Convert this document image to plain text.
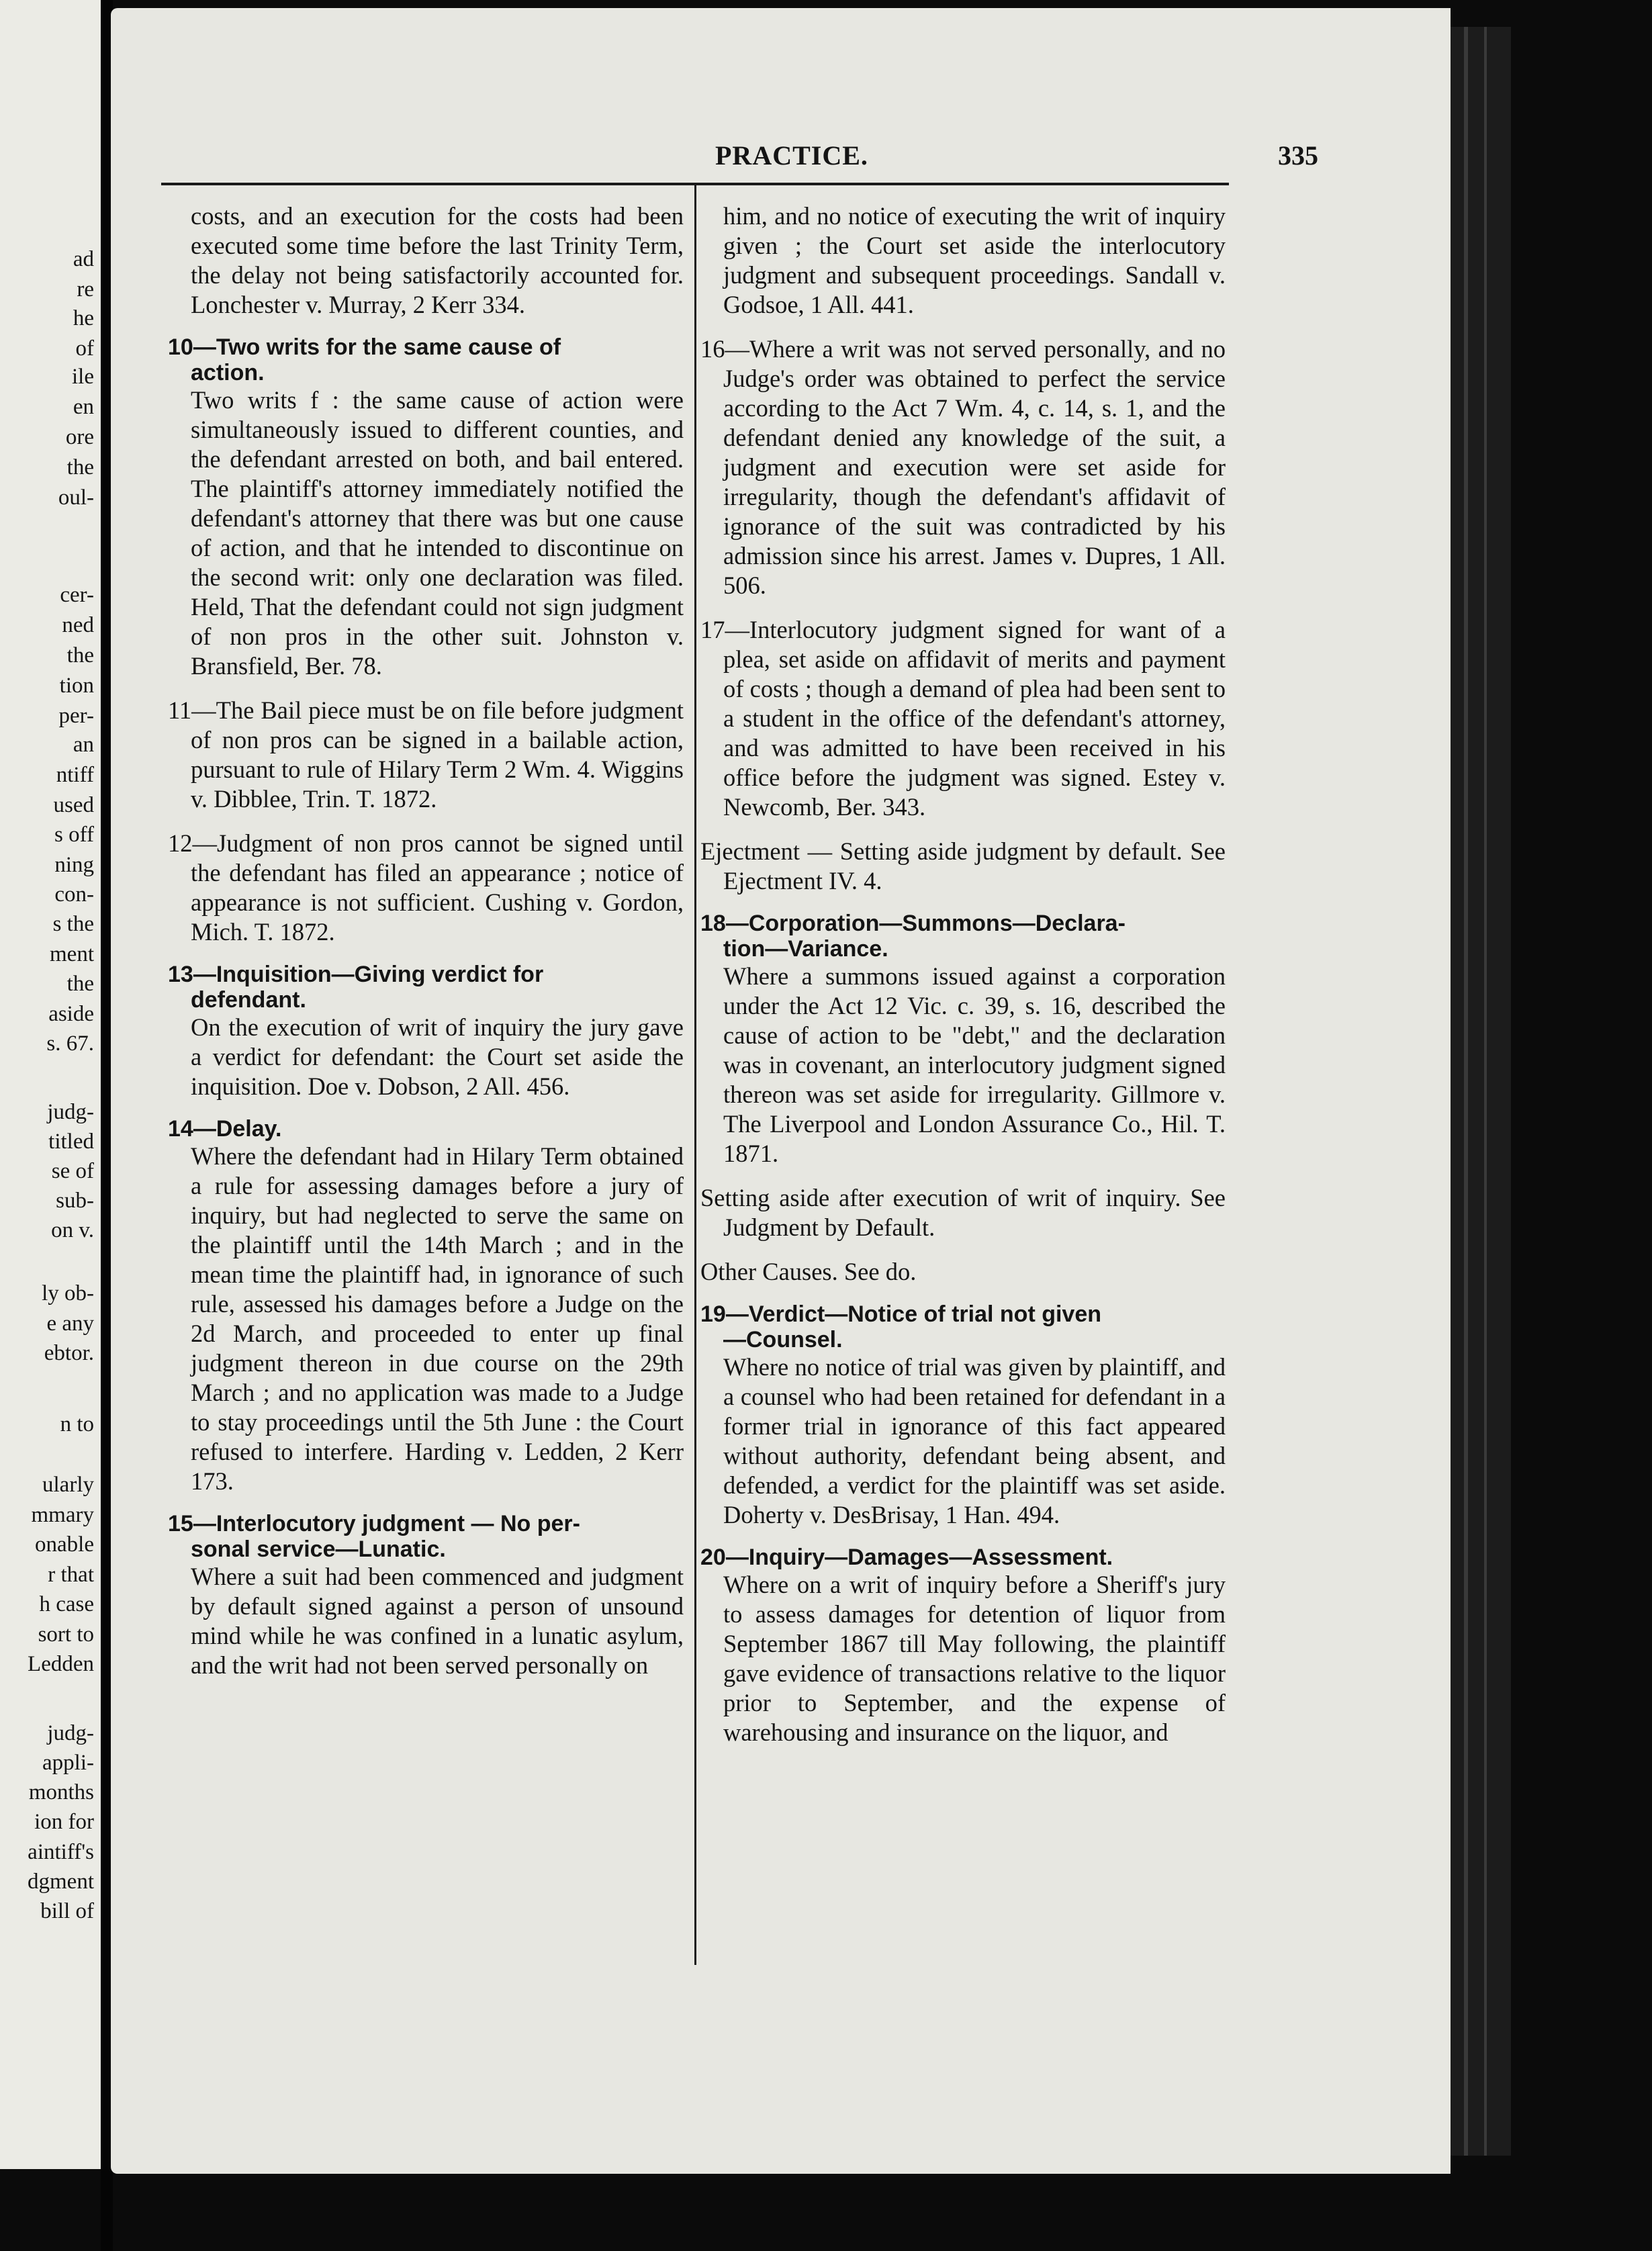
ad
re
he
of
ile
en
ore
the
oul-
cer-
ned
the
tion
per-
an
ntiff
used
s off
ning
con-
s the
ment
the
aside
s. 67.
judg-
titled
se of
sub-
on v.
ly ob-
e any
ebtor.
n to
ularly
mmary
onable
r that
h case
sort to
Ledden
judg-
appli-
months
ion for
aintiff's
dgment
bill of
PRACTICE.	335

costs, and an execution for the costs had been executed some time before the last Trinity Term, the delay not being satisfactorily accounted for. Lonchester v. Murray, 2 Kerr 334.

10—Two writs for the same cause of
action.

Two writs f : the same cause of action were simultaneously issued to different counties, and the defendant arrested on both, and bail entered. The plaintiff's attorney immediately notified the defendant's attorney that there was but one cause of action, and that he intended to discontinue on the second writ: only one declaration was filed. Held, That the defendant could not sign judgment of non pros in the other suit. Johnston v. Bransfield, Ber. 78.

11—The Bail piece must be on file before judgment of non pros can be signed in a bailable action, pursuant to rule of Hilary Term 2 Wm. 4. Wiggins v. Dibblee, Trin. T. 1872.

12—Judgment of non pros cannot be signed until the defendant has filed an appearance ; notice of appearance is not sufficient. Cushing v. Gordon, Mich. T. 1872.

13—Inquisition—Giving verdict for
defendant.

On the execution of writ of inquiry the jury gave a verdict for defendant: the Court set aside the inquisition. Doe v. Dobson, 2 All. 456.

14—Delay.

Where the defendant had in Hilary Term obtained a rule for assessing damages before a jury of inquiry, but had neglected to serve the same on the plaintiff until the 14th March ; and in the mean time the plaintiff had, in ignorance of such rule, assessed his damages before a Judge on the 2d March, and proceeded to enter up final judgment thereon in due course on the 29th March ; and no application was made to a Judge to stay proceedings until the 5th June : the Court refused to interfere. Harding v. Ledden, 2 Kerr 173.

15—Interlocutory judgment — No per-
sonal service—Lunatic.

Where a suit had been commenced and judgment by default signed against a person of unsound mind while he was confined in a lunatic asylum, and the writ had not been served personally on

him, and no notice of executing the writ of inquiry given ; the Court set aside the interlocutory judgment and subsequent proceedings. Sandall v. Godsoe, 1 All. 441.

16—Where a writ was not served personally, and no Judge's order was obtained to perfect the service according to the Act 7 Wm. 4, c. 14, s. 1, and the defendant denied any knowledge of the suit, a judgment and execution were set aside for irregularity, though the defendant's affidavit of ignorance of the suit was contradicted by his admission since his arrest. James v. Dupres, 1 All. 506.

17—Interlocutory judgment signed for want of a plea, set aside on affidavit of merits and payment of costs ; though a demand of plea had been sent to a student in the office of the defendant's attorney, and was admitted to have been received in his office before the judgment was signed. Estey v. Newcomb, Ber. 343.

Ejectment — Setting aside judgment by default. See Ejectment IV. 4.

18—Corporation—Summons—Declara-
tion—Variance.

Where a summons issued against a corporation under the Act 12 Vic. c. 39, s. 16, described the cause of action to be "debt," and the declaration was in covenant, an interlocutory judgment signed thereon was set aside for irregularity. Gillmore v. The Liverpool and London Assurance Co., Hil. T. 1871.

Setting aside after execution of writ of inquiry. See Judgment by Default.

Other Causes. See do.

19—Verdict—Notice of trial not given
—Counsel.

Where no notice of trial was given by plaintiff, and a counsel who had been retained for defendant in a former trial in ignorance of this fact appeared without authority, defendant being absent, and defended, a verdict for the plaintiff was set aside. Doherty v. DesBrisay, 1 Han. 494.

20—Inquiry—Damages—Assessment.

Where on a writ of inquiry before a Sheriff's jury to assess damages for detention of liquor from September 1867 till May following, the plaintiff gave evidence of transactions relative to the liquor prior to September, and the expense of warehousing and insurance on the liquor, and
